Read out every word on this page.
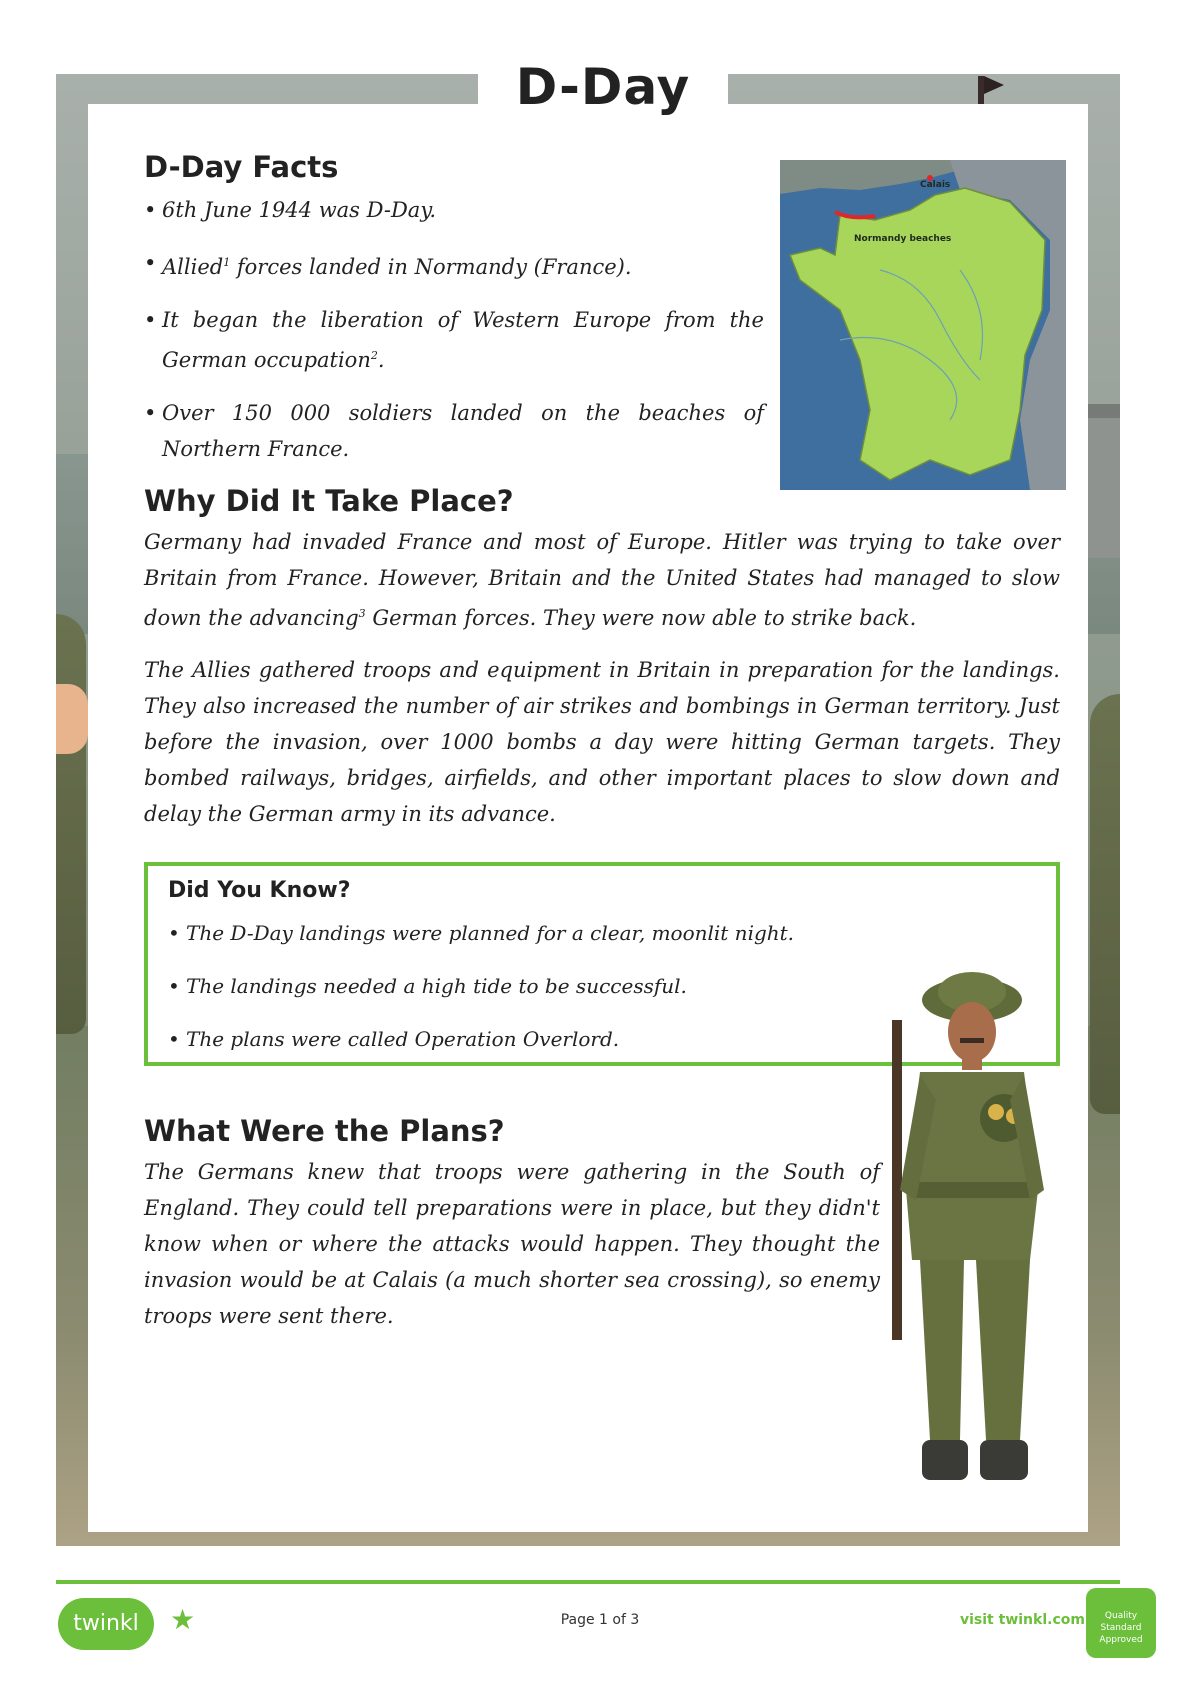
D-Day
D-Day Facts
• 6th June 1944 was D-Day.
• Allied$^1$ forces landed in Normandy (France).
• It began the liberation of Western Europe from the German occupation$^2$.
• Over 150 000 soldiers landed on the beaches of Northern France.
Calais
Normandy beaches
Why Did It Take Place?

Germany had invaded France and most of Europe. Hitler was trying to take over Britain from France. However, Britain and the United States had managed to slow down the advancing$^3$ German forces. They were now able to strike back.

The Allies gathered troops and equipment in Britain in preparation for the landings. They also increased the number of air strikes and bombings in German territory. Just before the invasion, over 1000 bombs a day were hitting German targets. They bombed railways, bridges, airfields, and other important places to slow down and delay the German army in its advance.

Did You Know?
• The D-Day landings were planned for a clear, moonlit night.
• The landings needed a high tide to be successful.
• The plans were called Operation Overlord.
What Were the Plans?

The Germans knew that troops were gathering in the South of England. They could tell preparations were in place, but they didn't know when or where the attacks would happen. They thought the invasion would be at Calais (a much shorter sea crossing), so enemy troops were sent there.

twinkl	★	Page 1 of 3	visit twinkl.com	Quality Standard Approved
